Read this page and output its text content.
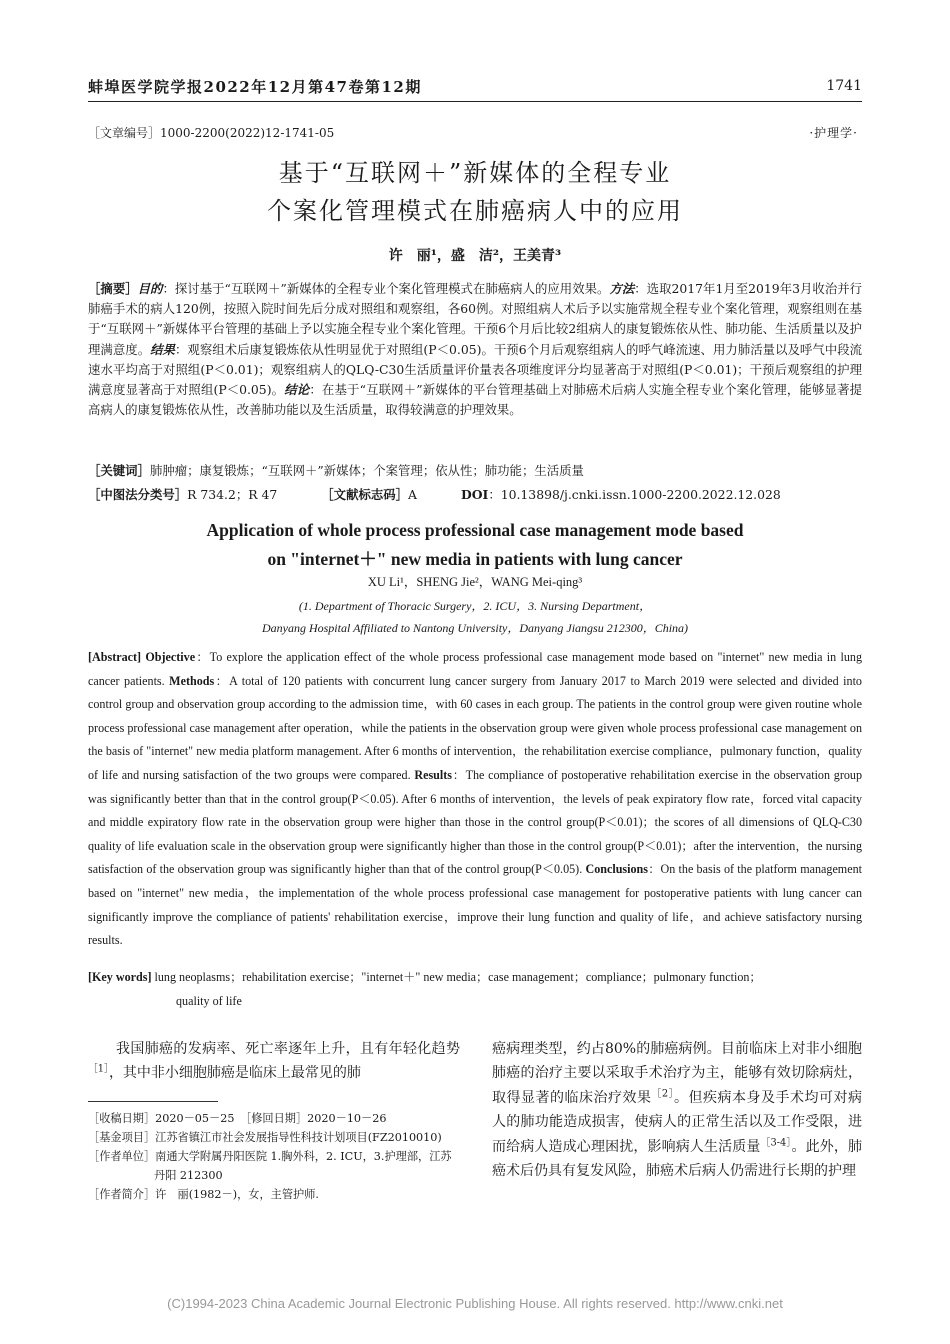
蚌埠医学院学报2022年12月第47卷第12期	1741
［文章编号］1000-2200(2022)12-1741-05	·护理学·
基于“互联网＋”新媒体的全程专业
个案化管理模式在肺癌病人中的应用
许　丽¹，盛　洁²，王美青³
［摘要］目的：探讨基于“互联网＋”新媒体的全程专业个案化管理模式在肺癌病人的应用效果。方法：选取2017年1月至2019年3月收治并行肺癌手术的病人120例，按照入院时间先后分成对照组和观察组，各60例。对照组病人术后予以实施常规全程专业个案化管理，观察组则在基于“互联网＋”新媒体平台管理的基础上予以实施全程专业个案化管理。干预6个月后比较2组病人的康复锻炼依从性、肺功能、生活质量以及护理满意度。结果：观察组术后康复锻炼依从性明显优于对照组(P＜0.05)。干预6个月后观察组病人的呼气峰流速、用力肺活量以及呼气中段流速水平均高于对照组(P＜0.01)；观察组病人的QLQ-C30生活质量评价量表各项维度评分均显著高于对照组(P＜0.01)；干预后观察组的护理满意度显著高于对照组(P＜0.05)。结论：在基于“互联网＋”新媒体的平台管理基础上对肺癌术后病人实施全程专业个案化管理，能够显著提高病人的康复锻炼依从性，改善肺功能以及生活质量，取得较满意的护理效果。
［关键词］肺肿瘤；康复锻炼；“互联网＋”新媒体；个案管理；依从性；肺功能；生活质量
［中图法分类号］R 734.2；R 47	［文献标志码］A	DOI：10.13898/j.cnki.issn.1000-2200.2022.12.028
Application of whole process professional case management mode based
on "internet＋" new media in patients with lung cancer
XU Li¹，SHENG Jie²，WANG Mei-qing³
(1. Department of Thoracic Surgery，2. ICU，3. Nursing Department，
Danyang Hospital Affiliated to Nantong University，Danyang Jiangsu 212300，China)
[Abstract] Objective：To explore the application effect of the whole process professional case management mode based on "internet" new media in lung cancer patients. Methods：A total of 120 patients with concurrent lung cancer surgery from January 2017 to March 2019 were selected and divided into control group and observation group according to the admission time，with 60 cases in each group. The patients in the control group were given routine whole process professional case management after operation，while the patients in the observation group were given whole process professional case management on the basis of "internet" new media platform management. After 6 months of intervention，the rehabilitation exercise compliance，pulmonary function，quality of life and nursing satisfaction of the two groups were compared. Results：The compliance of postoperative rehabilitation exercise in the observation group was significantly better than that in the control group(P＜0.05). After 6 months of intervention，the levels of peak expiratory flow rate，forced vital capacity and middle expiratory flow rate in the observation group were higher than those in the control group(P＜0.01)；the scores of all dimensions of QLQ-C30 quality of life evaluation scale in the observation group were significantly higher than those in the control group(P＜0.01)；after the intervention，the nursing satisfaction of the observation group was significantly higher than that of the control group(P＜0.05). Conclusions：On the basis of the platform management based on "internet" new media，the implementation of the whole process professional case management for postoperative patients with lung cancer can significantly improve the compliance of patients' rehabilitation exercise，improve their lung function and quality of life，and achieve satisfactory nursing results.
[Key words] lung neoplasms；rehabilitation exercise；"internet＋" new media；case management；compliance；pulmonary function；
quality of life
我国肺癌的发病率、死亡率逐年上升，且有年轻化趋势$^{[1]}$，其中非小细胞肺癌是临床上最常见的肺
［收稿日期］2020－05－25　［修回日期］2020－10－26
［基金项目］江苏省镇江市社会发展指导性科技计划项目(FZ2010010)
［作者单位］南通大学附属丹阳医院 1.胸外科，2. ICU，3.护理部，江苏 丹阳 212300
［作者简介］许　丽(1982－)，女，主管护师.
癌病理类型，约占80%的肺癌病例。目前临床上对非小细胞肺癌的治疗主要以采取手术治疗为主，能够有效切除病灶，取得显著的临床治疗效果$^{[2]}$。但疾病本身及手术均可对病人的肺功能造成损害，使病人的正常生活以及工作受限，进而给病人造成心理困扰，影响病人生活质量$^{[3-4]}$。此外，肺癌术后仍具有复发风险，肺癌术后病人仍需进行长期的护理
(C)1994-2023 China Academic Journal Electronic Publishing House. All rights reserved. http://www.cnki.net
